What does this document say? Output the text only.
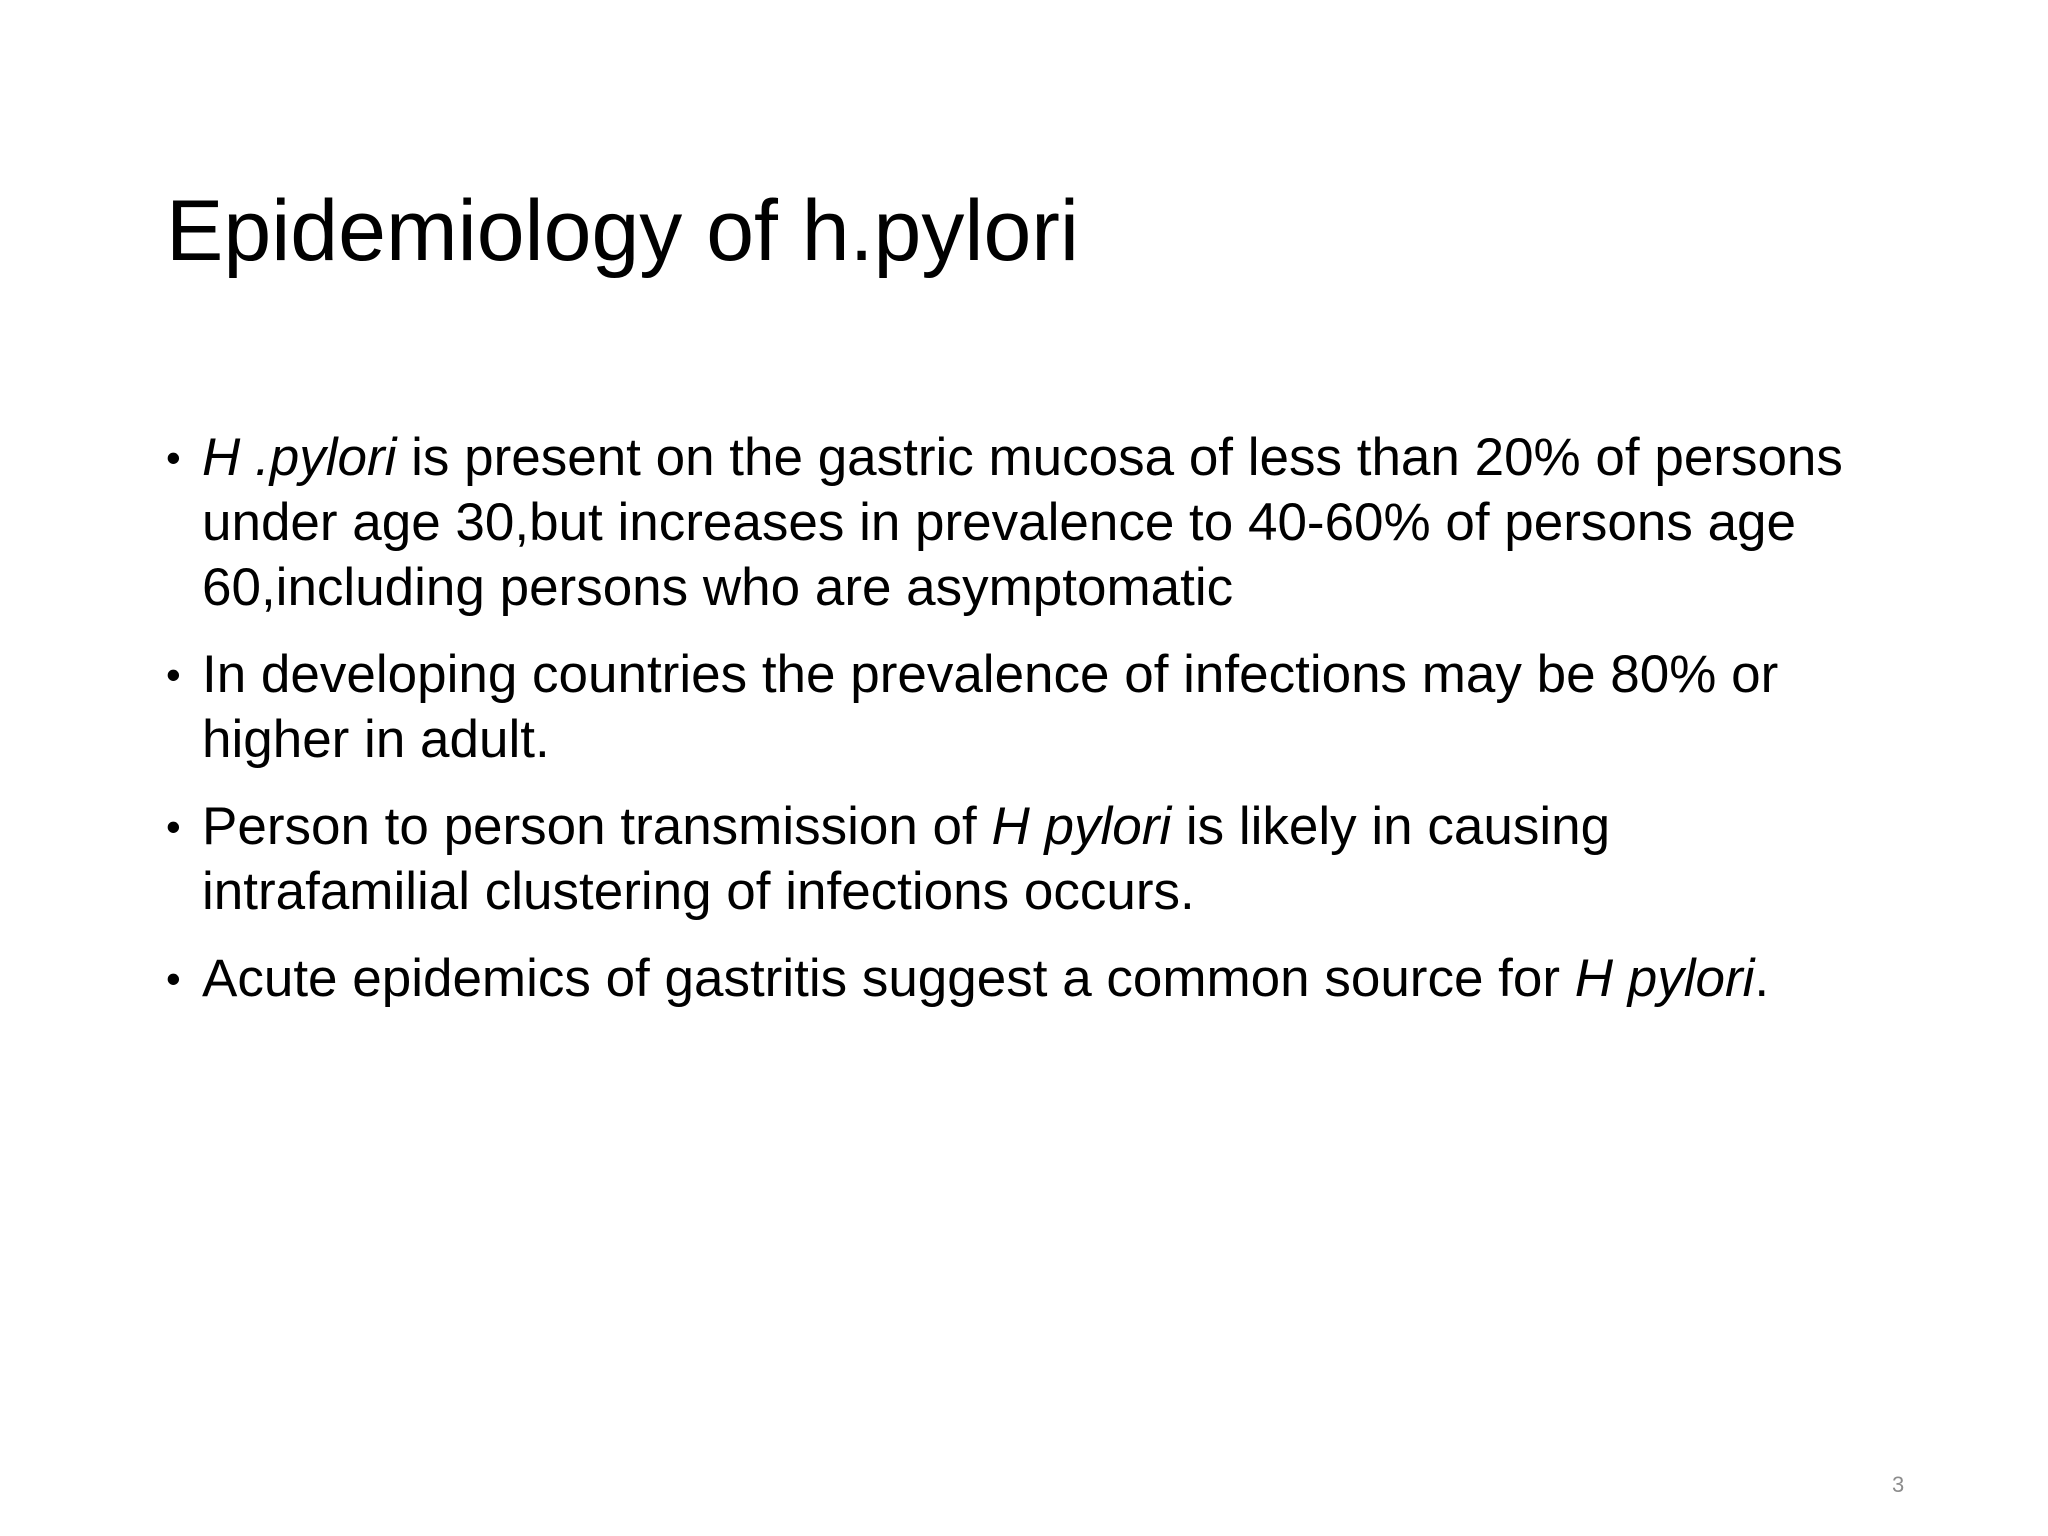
Epidemiology of h.pylori
• H .pylori is present on the gastric mucosa of less than 20% of persons
under age 30,but increases in prevalence to 40-60% of persons age
60,including persons who are asymptomatic
• In developing countries the prevalence of infections may be 80% or
higher in adult.
• Person to person transmission of H pylori is likely in causing
intrafamilial clustering of infections occurs.
• Acute epidemics of gastritis suggest a common source for H pylori.
3
